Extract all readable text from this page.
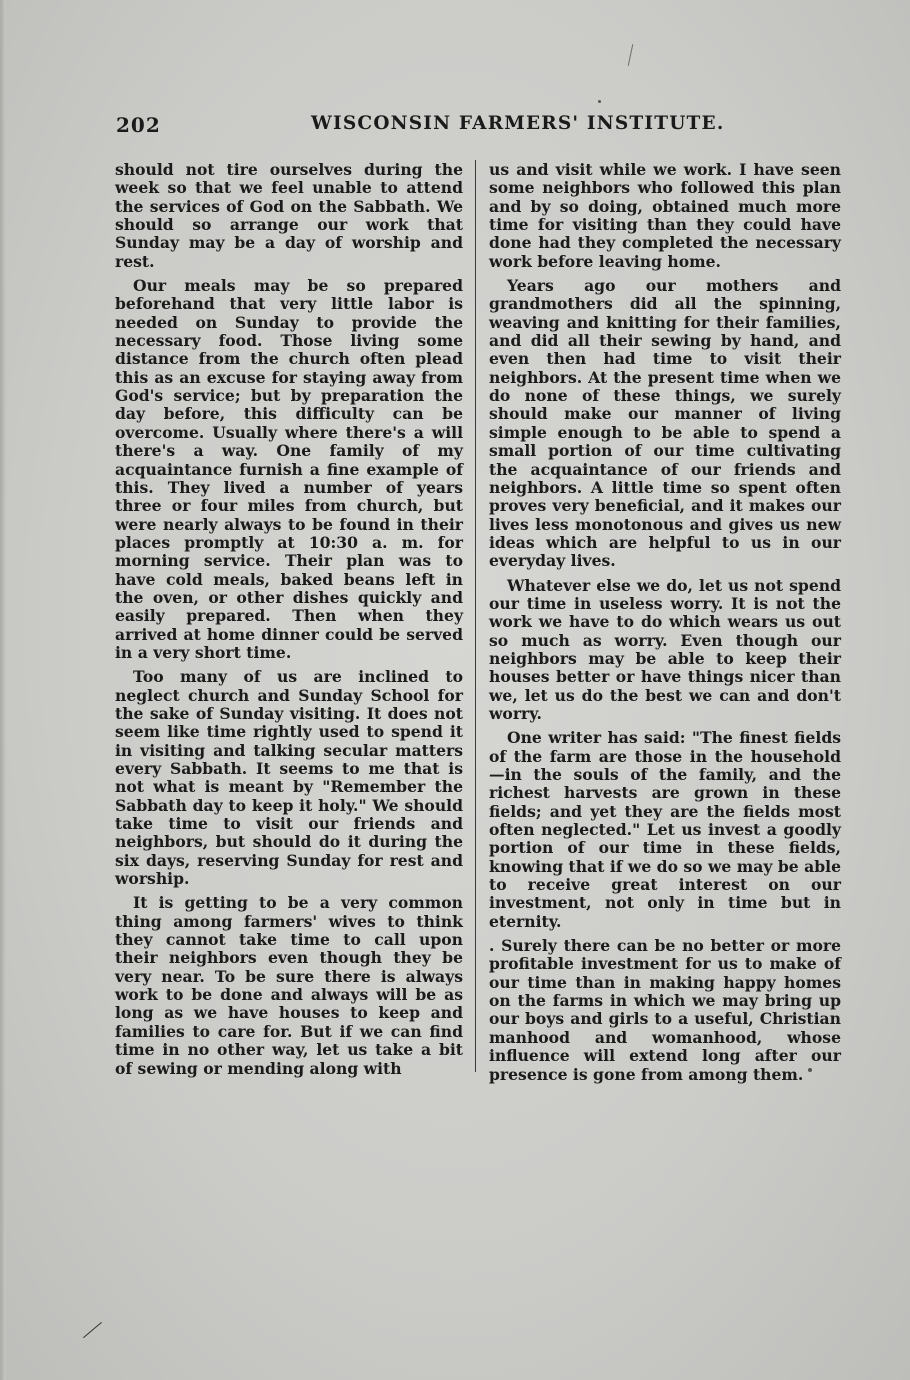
202	WISCONSIN FARMERS' INSTITUTE.

should not tire ourselves during the week so that we feel unable to attend the services of God on the Sabbath. We should so arrange our work that Sunday may be a day of worship and rest.

Our meals may be so prepared beforehand that very little labor is needed on Sunday to provide the necessary food. Those living some distance from the church often plead this as an excuse for staying away from God's service; but by preparation the day before, this difficulty can be overcome. Usually where there's a will there's a way. One family of my acquaintance furnish a fine example of this. They lived a number of years three or four miles from church, but were nearly always to be found in their places promptly at 10:30 a. m. for morning service. Their plan was to have cold meals, baked beans left in the oven, or other dishes quickly and easily prepared. Then when they arrived at home dinner could be served in a very short time.

Too many of us are inclined to neglect church and Sunday School for the sake of Sunday visiting. It does not seem like time rightly used to spend it in visiting and talking secular matters every Sabbath. It seems to me that is not what is meant by "Remember the Sabbath day to keep it holy." We should take time to visit our friends and neighbors, but should do it during the six days, reserving Sunday for rest and worship.

It is getting to be a very common thing among farmers' wives to think they cannot take time to call upon their neighbors even though they be very near. To be sure there is always work to be done and always will be as long as we have houses to keep and families to care for. But if we can find time in no other way, let us take a bit of sewing or mending along with

us and visit while we work. I have seen some neighbors who followed this plan and by so doing, obtained much more time for visiting than they could have done had they completed the necessary work before leaving home.

Years ago our mothers and grandmothers did all the spinning, weaving and knitting for their families, and did all their sewing by hand, and even then had time to visit their neighbors. At the present time when we do none of these things, we surely should make our manner of living simple enough to be able to spend a small portion of our time cultivating the acquaintance of our friends and neighbors. A little time so spent often proves very beneficial, and it makes our lives less monotonous and gives us new ideas which are helpful to us in our everyday lives.

Whatever else we do, let us not spend our time in useless worry. It is not the work we have to do which wears us out so much as worry. Even though our neighbors may be able to keep their houses better or have things nicer than we, let us do the best we can and don't worry.

One writer has said: "The finest fields of the farm are those in the household—in the souls of the family, and the richest harvests are grown in these fields; and yet they are the fields most often neglected." Let us invest a goodly portion of our time in these fields, knowing that if we do so we may be able to receive great interest on our investment, not only in time but in eternity.

. Surely there can be no better or more profitable investment for us to make of our time than in making happy homes on the farms in which we may bring up our boys and girls to a useful, Christian manhood and womanhood, whose influence will extend long after our presence is gone from among them.
